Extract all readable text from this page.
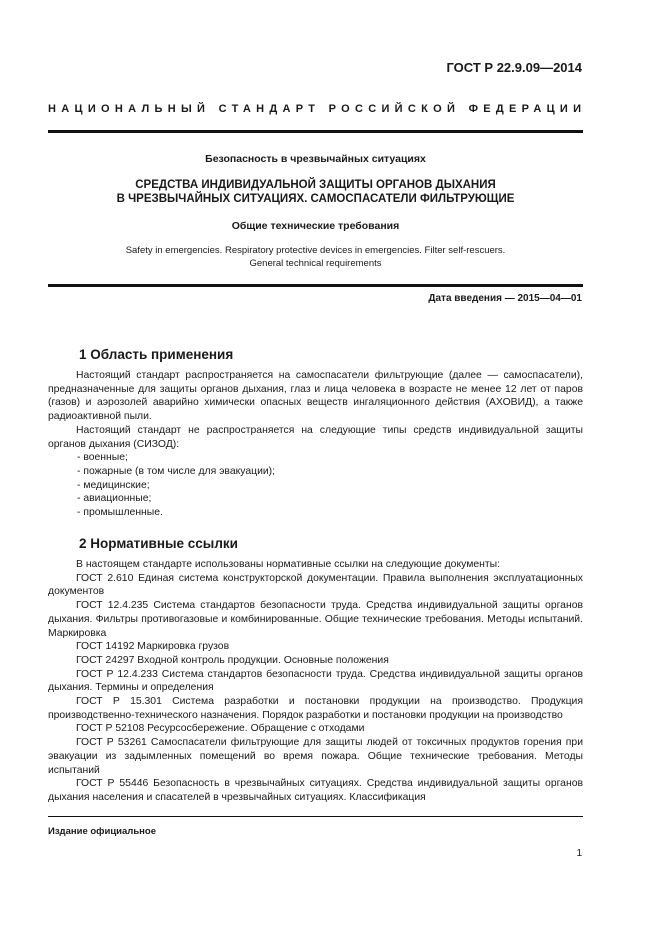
ГОСТ Р 22.9.09—2014
НАЦИОНАЛЬНЫЙ СТАНДАРТ РОССИЙСКОЙ ФЕДЕРАЦИИ
Безопасность в чрезвычайных ситуациях
СРЕДСТВА ИНДИВИДУАЛЬНОЙ ЗАЩИТЫ ОРГАНОВ ДЫХАНИЯ
В ЧРЕЗВЫЧАЙНЫХ СИТУАЦИЯХ. САМОСПАСАТЕЛИ ФИЛЬТРУЮЩИЕ
Общие технические требования
Safety in emergencies. Respiratory protective devices in emergencies. Filter self-rescuers.
General technical requirements
Дата введения — 2015—04—01
1 Область применения

Настоящий стандарт распространяется на самоспасатели фильтрующие (далее — самоспасатели), предназначенные для защиты органов дыхания, глаз и лица человека в возрасте не менее 12 лет от паров (газов) и аэрозолей аварийно химически опасных веществ ингаляционного действия (АХОВИД), а также радиоактивной пыли.

Настоящий стандарт не распространяется на следующие типы средств индивидуальной защиты органов дыхания (СИЗОД):

- военные;

- пожарные (в том числе для эвакуации);

- медицинские;

- авиационные;

- промышленные.

2 Нормативные ссылки

В настоящем стандарте использованы нормативные ссылки на следующие документы:

ГОСТ 2.610 Единая система конструкторской документации. Правила выполнения эксплуатационных документов

ГОСТ 12.4.235 Система стандартов безопасности труда. Средства индивидуальной защиты органов дыхания. Фильтры противогазовые и комбинированные. Общие технические требования. Методы испытаний. Маркировка

ГОСТ 14192 Маркировка грузов

ГОСТ 24297 Входной контроль продукции. Основные положения

ГОСТ Р 12.4.233 Система стандартов безопасности труда. Средства индивидуальной защиты органов дыхания. Термины и определения

ГОСТ Р 15.301 Система разработки и постановки продукции на производство. Продукция производственно-технического назначения. Порядок разработки и постановки продукции на производство

ГОСТ Р 52108 Ресурсосбережение. Обращение с отходами

ГОСТ Р 53261 Самоспасатели фильтрующие для защиты людей от токсичных продуктов горения при эвакуации из задымленных помещений во время пожара. Общие технические требования. Методы испытаний

ГОСТ Р 55446 Безопасность в чрезвычайных ситуациях. Средства индивидуальной защиты органов дыхания населения и спасателей в чрезвычайных ситуациях. Классификация

Издание официальное
1
